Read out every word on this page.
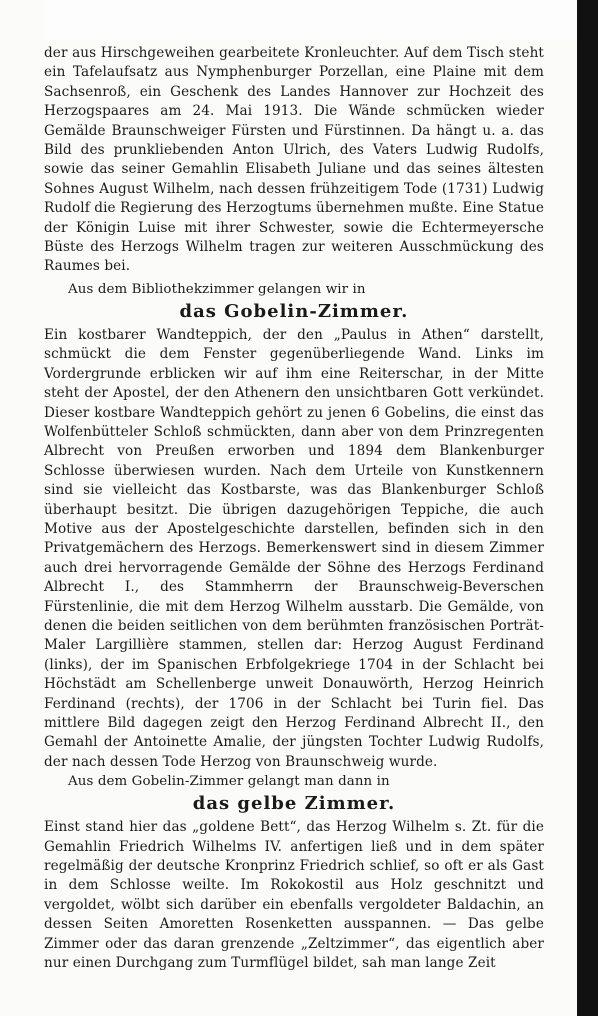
der aus Hirschgeweihen gearbeitete Kronleuchter. Auf dem Tisch steht ein Tafelaufsatz aus Nymphenburger Porzellan, eine Plaine mit dem Sachsenroß, ein Geschenk des Landes Hannover zur Hochzeit des Herzogspaares am 24. Mai 1913. Die Wände schmücken wieder Gemälde Braunschweiger Fürsten und Fürstinnen. Da hängt u. a. das Bild des prunkliebenden Anton Ulrich, des Vaters Ludwig Rudolfs, sowie das seiner Gemahlin Elisabeth Juliane und das seines ältesten Sohnes August Wilhelm, nach dessen frühzeitigem Tode (1731) Ludwig Rudolf die Regierung des Herzogtums übernehmen mußte. Eine Statue der Königin Luise mit ihrer Schwester, sowie die Echtermeyersche Büste des Herzogs Wilhelm tragen zur weiteren Ausschmückung des Raumes bei.

Aus dem Bibliothekzimmer gelangen wir in

das Gobelin-Zimmer.

Ein kostbarer Wandteppich, der den „Paulus in Athen“ darstellt, schmückt die dem Fenster gegenüberliegende Wand. Links im Vordergrunde erblicken wir auf ihm eine Reiterschar, in der Mitte steht der Apostel, der den Athenern den unsichtbaren Gott verkündet. Dieser kostbare Wandteppich gehört zu jenen 6 Gobelins, die einst das Wolfenbütteler Schloß schmückten, dann aber von dem Prinzregenten Albrecht von Preußen erworben und 1894 dem Blankenburger Schlosse überwiesen wurden. Nach dem Urteile von Kunstkennern sind sie vielleicht das Kostbarste, was das Blankenburger Schloß überhaupt besitzt. Die übrigen dazugehörigen Teppiche, die auch Motive aus der Apostelgeschichte darstellen, befinden sich in den Privatgemächern des Herzogs. Bemerkenswert sind in diesem Zimmer auch drei hervorragende Gemälde der Söhne des Herzogs Ferdinand Albrecht I., des Stammherrn der Braunschweig-Beverschen Fürstenlinie, die mit dem Herzog Wilhelm ausstarb. Die Gemälde, von denen die beiden seitlichen von dem berühmten französischen Porträt-Maler Largillière stammen, stellen dar: Herzog August Ferdinand (links), der im Spanischen Erbfolgekriege 1704 in der Schlacht bei Höchstädt am Schellenberge unweit Donauwörth, Herzog Heinrich Ferdinand (rechts), der 1706 in der Schlacht bei Turin fiel. Das mittlere Bild dagegen zeigt den Herzog Ferdinand Albrecht II., den Gemahl der Antoinette Amalie, der jüngsten Tochter Ludwig Rudolfs, der nach dessen Tode Herzog von Braunschweig wurde.

Aus dem Gobelin-Zimmer gelangt man dann in

das gelbe Zimmer.

Einst stand hier das „goldene Bett“, das Herzog Wilhelm s. Zt. für die Gemahlin Friedrich Wilhelms IV. anfertigen ließ und in dem später regelmäßig der deutsche Kronprinz Friedrich schlief, so oft er als Gast in dem Schlosse weilte. Im Rokokostil aus Holz geschnitzt und vergoldet, wölbt sich darüber ein ebenfalls vergoldeter Baldachin, an dessen Seiten Amoretten Rosenketten ausspannen. — Das gelbe Zimmer oder das daran grenzende „Zeltzimmer“, das eigentlich aber nur einen Durchgang zum Turmflügel bildet, sah man lange Zeit
